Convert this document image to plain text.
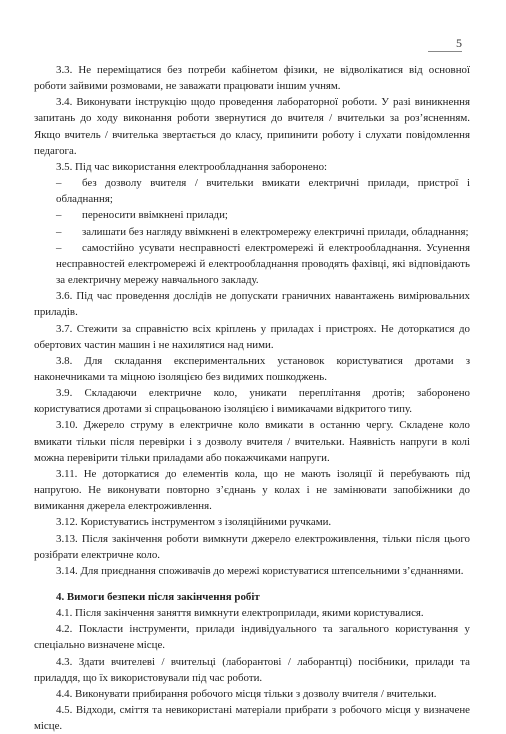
5

3.3. Не переміщатися без потреби кабінетом фізики, не відволікатися від основної роботи зайвими розмовами, не заважати працювати іншим учням.

3.4. Виконувати інструкцію щодо проведення лабораторної роботи. У разі виникнення запитань до ходу виконання роботи звернутися до вчителя / вчительки за роз’ясненням. Якщо вчитель / вчителька звертається до класу, припинити роботу і слухати повідомлення педагога.

3.5. Під час використання електрообладнання заборонено:

– без дозволу вчителя / вчительки вмикати електричні прилади, пристрої і обладнання;

– переносити ввімкнені прилади;

– залишати без нагляду ввімкнені в електромережу електричні прилади, обладнання;

– самостійно усувати несправності електромережі й електрообладнання. Усунення несправностей електромережі й електрообладнання проводять фахівці, які відповідають за електричну мережу навчального закладу.

3.6. Під час проведення дослідів не допускати граничних навантажень вимірювальних приладів.

3.7. Стежити за справністю всіх кріплень у приладах і пристроях. Не доторкатися до обертових частин машин і не нахилятися над ними.

3.8. Для складання експериментальних установок користуватися дротами з наконечниками та міцною ізоляцією без видимих пошкоджень.

3.9. Складаючи електричне коло, уникати переплітання дротів; заборонено користуватися дротами зі спрацьованою ізоляцією і вимикачами відкритого типу.

3.10. Джерело струму в електричне коло вмикати в останню чергу. Складене коло вмикати тільки після перевірки і з дозволу вчителя / вчительки. Наявність напруги в колі можна перевірити тільки приладами або покажчиками напруги.

3.11. Не доторкатися до елементів кола, що не мають ізоляції й перебувають під напругою. Не виконувати повторно з’єднань у колах і не замінювати запобіжники до вимикання джерела електроживлення.

3.12. Користуватись інструментом з ізоляційними ручками.

3.13. Після закінчення роботи вимкнути джерело електроживлення, тільки після цього розібрати електричне коло.

3.14. Для приєднання споживачів до мережі користуватися штепсельними з’єднаннями.

4. Вимоги безпеки після закінчення робіт

4.1. Після закінчення заняття вимкнути електроприлади, якими користувалися.

4.2. Покласти інструменти, прилади індивідуального та загального користування у спеціально визначене місце.

4.3. Здати вчителеві / вчительці (лаборантові / лаборантці) посібники, прилади та приладдя, що їх використовували під час роботи.

4.4. Виконувати прибирання робочого місця тільки з дозволу вчителя / вчительки.

4.5. Відходи, сміття та невикористані матеріали прибрати з робочого місця у визначене місце.
